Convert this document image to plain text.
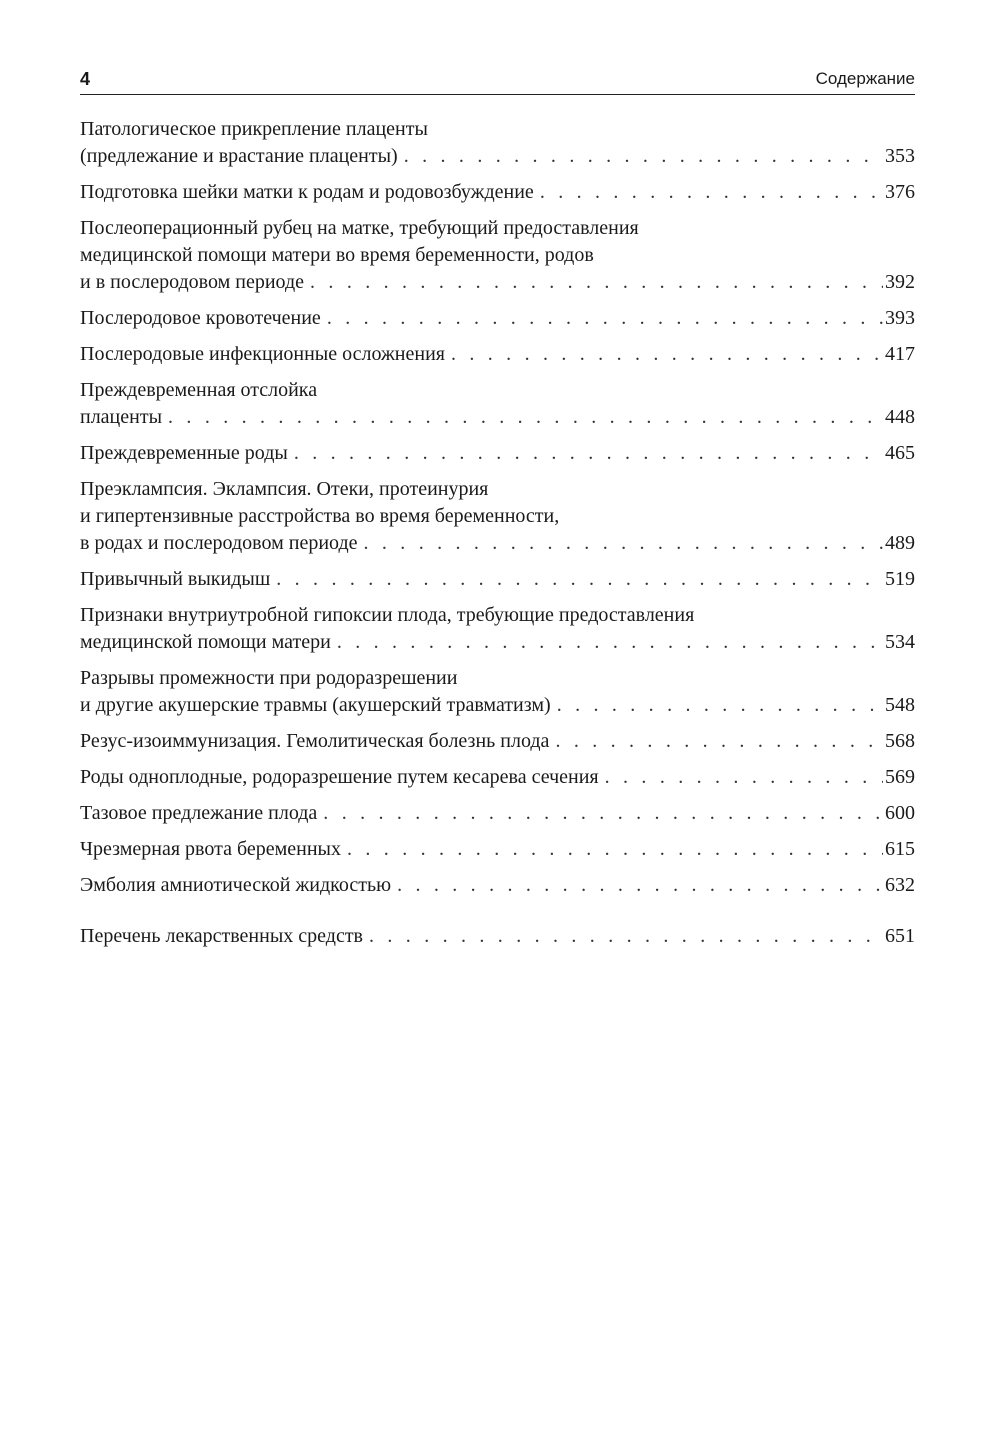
4	Содержание
Патологическое прикрепление плаценты
(предлежание и врастание плаценты) . . .	353
Подготовка шейки матки к родам и родовозбуждение . . .	376
Послеоперационный рубец на матке, требующий предоставления
медицинской помощи матери во время беременности, родов
и в послеродовом периоде . . .	392
Послеродовое кровотечение . . .	393
Послеродовые инфекционные осложнения . . .	417
Преждевременная отслойка
плаценты . . .	448
Преждевременные роды . . .	465
Преэклампсия. Эклампсия. Отеки, протеинурия
и гипертензивные расстройства во время беременности,
в родах и послеродовом периоде . . .	489
Привычный выкидыш . . .	519
Признаки внутриутробной гипоксии плода, требующие предоставления
медицинской помощи матери . . .	534
Разрывы промежности при родоразрешении
и другие акушерские травмы (акушерский травматизм) . . .	548
Резус-изоиммунизация. Гемолитическая болезнь плода . . .	568
Роды одноплодные, родоразрешение путем кесарева сечения . . .	569
Тазовое предлежание плода . . .	600
Чрезмерная рвота беременных . . .	615
Эмболия амниотической жидкостью . . .	632
Перечень лекарственных средств . . .	651
